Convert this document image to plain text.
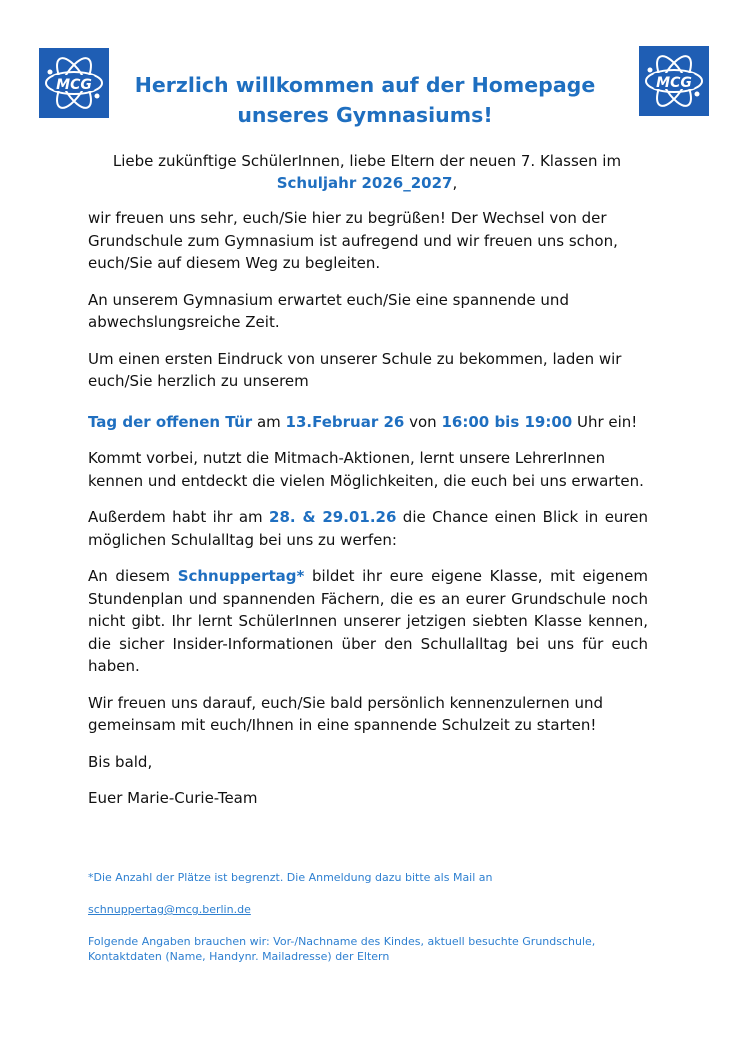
MCG	MCG
Herzlich willkommen auf der Homepage
unseres Gymnasiums!
Liebe zukünftige SchülerInnen, liebe Eltern der neuen 7. Klassen im
Schuljahr 2026_2027,

wir freuen uns sehr, euch/Sie hier zu begrüßen! Der Wechsel von der Grundschule zum Gymnasium ist aufregend und wir freuen uns schon, euch/Sie auf diesem Weg zu begleiten.

An unserem Gymnasium erwartet euch/Sie eine spannende und abwechslungsreiche Zeit.

Um einen ersten Eindruck von unserer Schule zu bekommen, laden wir euch/Sie herzlich zu unserem

Tag der offenen Tür am 13.Februar 26 von 16:00 bis 19:00 Uhr ein!

Kommt vorbei, nutzt die Mitmach-Aktionen, lernt unsere LehrerInnen kennen und entdeckt die vielen Möglichkeiten, die euch bei uns erwarten.

Außerdem habt ihr am 28. & 29.01.26 die Chance einen Blick in euren möglichen Schulalltag bei uns zu werfen:

An diesem Schnuppertag* bildet ihr eure eigene Klasse, mit eigenem Stundenplan und spannenden Fächern, die es an eurer Grundschule noch nicht gibt. Ihr lernt SchülerInnen unserer jetzigen siebten Klasse kennen, die sicher Insider-Informationen über den Schullalltag bei uns für euch haben.

Wir freuen uns darauf, euch/Sie bald persönlich kennenzulernen und gemeinsam mit euch/Ihnen in eine spannende Schulzeit zu starten!

Bis bald,

Euer Marie-Curie-Team

*Die Anzahl der Plätze ist begrenzt. Die Anmeldung dazu bitte als Mail an

schnuppertag@mcg.berlin.de

Folgende Angaben brauchen wir: Vor-/Nachname des Kindes, aktuell besuchte Grundschule, Kontaktdaten (Name, Handynr. Mailadresse) der Eltern
